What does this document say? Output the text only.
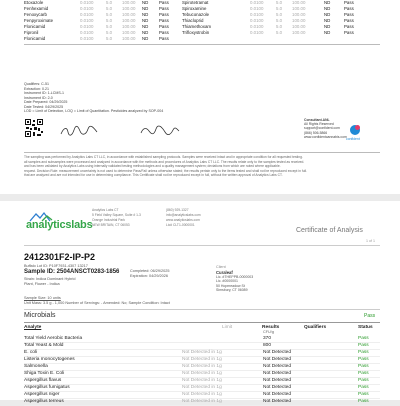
Etoxazole	0.0100	5.0 100.00 ND Pass	Spirotetramat	0.0100	5.0 100.00	ND	Pass
Fenhexamid	0.0100	5.0 100.00 ND Pass	Spiroxamine	0.0100	5.0 100.00	ND	Pass
Fenoxycarb	0.0100	5.0 100.00 ND Pass	Tebuconazole	0.0100	5.0 100.00	ND	Pass
Fenpyroximate	0.0100	5.0 100.00 ND Pass	Thiacloprid	0.0100	5.0 100.00	ND	Pass
Flonicamid	0.0100	5.0 100.00 ND Pass	Thiamethoxam	0.0100	5.0 100.00	ND	Pass
Fipronil	0.0100	5.0 100.00 ND Pass	Trifloxystrobin	0.0100	5.0 100.00	ND	Pass
Flonicamid	0.0100	5.0 100.00 ND Pass
Qualifiers: C-51
Extraction: 0.21
Instrument ID: 1-LCMS-1
Instrument ID: 2-0
Date Prepared: 04/29/2025
Date Tested: 04/29/2025
LOD = Limit of Detection, LOQ = Limit of Quantitation. Pesticides analyzed by SOP-004
Consultant.ANL
All Rights Reserved
support@confident.com
(866) 506-5866
www.confidentcannabis.com
confident
The sampling was performed by Analytics Labs CT LLC, in accordance with established sampling protocols. Samples were received intact and in appropriate condition for all requested testing.
all samples and subsamples were processed and analyzed in accordance with the methods and procedures of Analytics Labs CT LLC. The results relate only to the samples tested as received.
and has been validated by Analytics Labs using internally validated testing methodologies and a quality management system; deviations from which are noted where applicable.
request. Decision Rule: measurement uncertainty is not used to determine Pass/Fail unless otherwise stated; the results pertain only to the items tested and shall not be reproduced except in full.
that are analyzed and are not intended for use in determining compliance. This Certificate shall not be reproduced except in full, without the written approval of Analytics Labs CT.
analyticslabs
Analytics Labs CT
5 Field Valley Square, Suite # 1-3
Orange Industrial Park
NEW BRITAIN, CT 06053
(860) 929-1327
info@analyticslabs.com
www.analyticslabs.com
Lic# CLT1-0000001
Certificate of Analysis
1 of 1
2412301F2-IP-P2
Buffalo Lot ID: P10F7931-4307 13217
Sample ID: 2504ANSCT0283-1856
Strain: Indica Dominant Hybrid
Plant, Flower - Indica
Completed: 06/29/2025
Expiration: 04/29/2026
Client
Curaleaf
Lic. #THEPPB-0000003
Lic. #0000001
50 Hopmeadow St
Simsbury, CT 06089
Sample Size: 10 units
Unit Mass: 3.5 g - 1,000 Number of Servings: - Amended: No; Sample Condition: Intact
Microbials	Pass
Analyte	Limit	Results	Qualifiers	Status
CFU/g
Total Yield Aerobic Bacteria	370	Pass
Total Yeast & Mold	800	Pass
E. coli	Not Detected in 1g	Not Detected	Pass
Listeria monocytogenes	Not Detected in 1g	Not Detected	Pass
Salmonella	Not Detected in 1g	Not Detected	Pass
Shiga Toxin E. Coli	Not Detected in 1g	Not Detected	Pass
Aspergillus flavus	Not Detected in 1g	Not Detected	Pass
Aspergillus fumigatus	Not Detected in 1g	Not Detected	Pass
Aspergillus niger	Not Detected in 1g	Not Detected	Pass
Aspergillus terreus	Not Detected in 1g	Not Detected	Pass
